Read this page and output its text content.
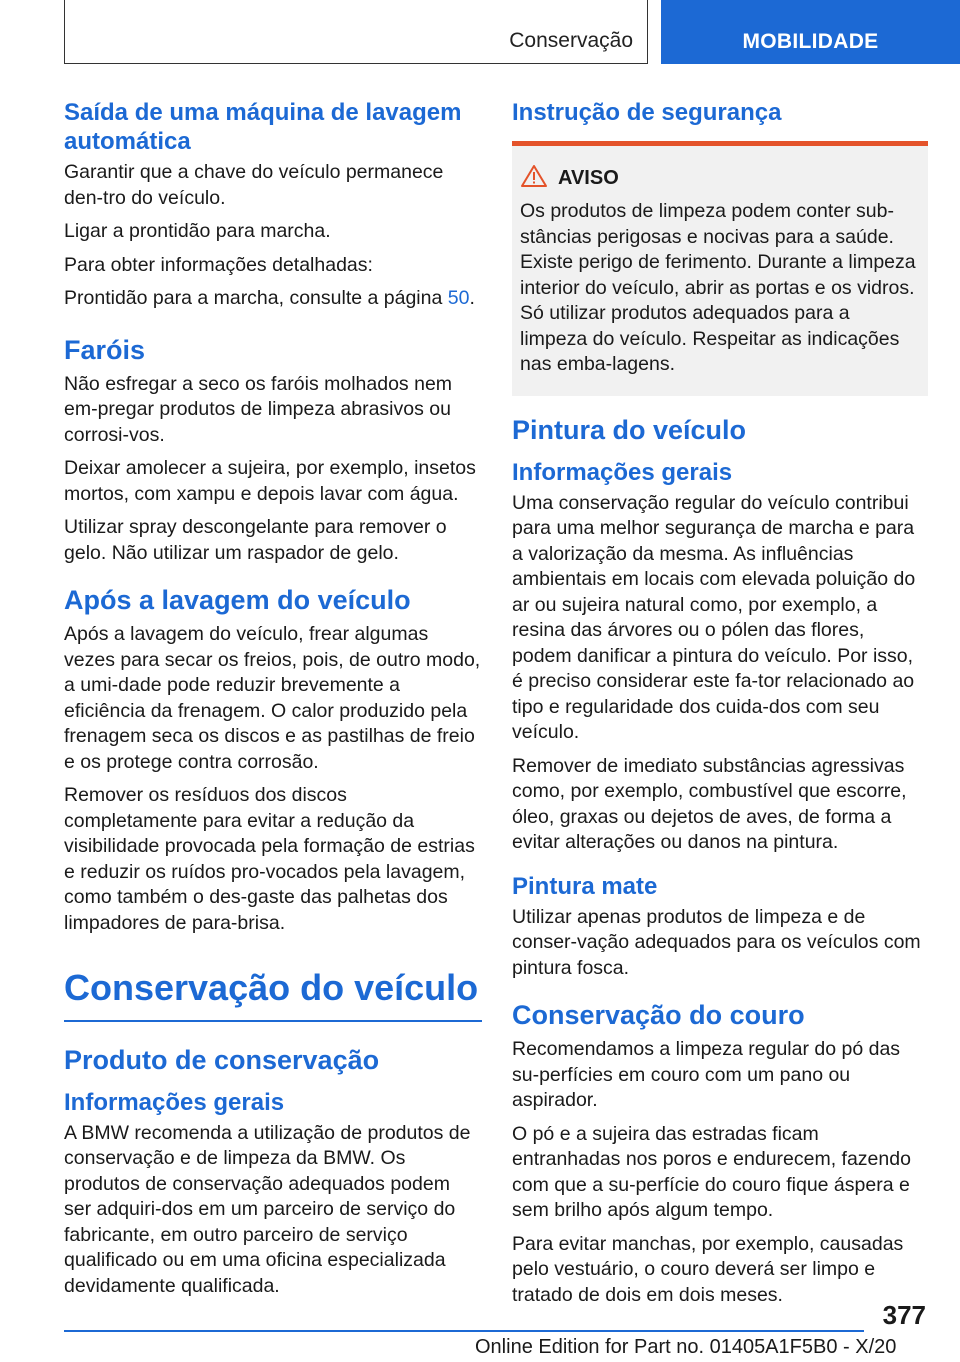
Conservação	MOBILIDADE
Saída de uma máquina de lavagem automática

Garantir que a chave do veículo permanece den-tro do veículo.

Ligar a prontidão para marcha.

Para obter informações detalhadas:

Prontidão para a marcha, consulte a página 50.

Faróis

Não esfregar a seco os faróis molhados nem em-pregar produtos de limpeza abrasivos ou corrosi-vos.

Deixar amolecer a sujeira, por exemplo, insetos mortos, com xampu e depois lavar com água.

Utilizar spray descongelante para remover o gelo. Não utilizar um raspador de gelo.

Após a lavagem do veículo

Após a lavagem do veículo, frear algumas vezes para secar os freios, pois, de outro modo, a umi-dade pode reduzir brevemente a eficiência da frenagem. O calor produzido pela frenagem seca os discos e as pastilhas de freio e os protege contra corrosão.

Remover os resíduos dos discos completamente para evitar a redução da visibilidade provocada pela formação de estrias e reduzir os ruídos pro-vocados pela lavagem, como também o des-gaste das palhetas dos limpadores de para-brisa.

Conservação do veículo
Produto de conservação
Informações gerais

A BMW recomenda a utilização de produtos de conservação e de limpeza da BMW. Os produtos de conservação adequados podem ser adquiri-dos em um parceiro de serviço do fabricante, em outro parceiro de serviço qualificado ou em uma oficina especializada devidamente qualificada.

Instrução de segurança
AVISO

Os produtos de limpeza podem conter sub-stâncias perigosas e nocivas para a saúde. Existe perigo de ferimento. Durante a limpeza interior do veículo, abrir as portas e os vidros. Só utilizar produtos adequados para a limpeza do veículo. Respeitar as indicações nas emba-lagens.

Pintura do veículo
Informações gerais

Uma conservação regular do veículo contribui para uma melhor segurança de marcha e para a valorização da mesma. As influências ambientais em locais com elevada poluição do ar ou sujeira natural como, por exemplo, a resina das árvores ou o pólen das flores, podem danificar a pintura do veículo. Por isso, é preciso considerar este fa-tor relacionado ao tipo e regularidade dos cuida-dos com seu veículo.

Remover de imediato substâncias agressivas como, por exemplo, combustível que escorre, óleo, graxas ou dejetos de aves, de forma a evitar alterações ou danos na pintura.

Pintura mate

Utilizar apenas produtos de limpeza e de conser-vação adequados para os veículos com pintura fosca.

Conservação do couro

Recomendamos a limpeza regular do pó das su-perfícies em couro com um pano ou aspirador.

O pó e a sujeira das estradas ficam entranhadas nos poros e endurecem, fazendo com que a su-perfície do couro fique áspera e sem brilho após algum tempo.

Para evitar manchas, por exemplo, causadas pelo vestuário, o couro deverá ser limpo e tratado de dois em dois meses.

377
Online Edition for Part no. 01405A1F5B0 - X/20
